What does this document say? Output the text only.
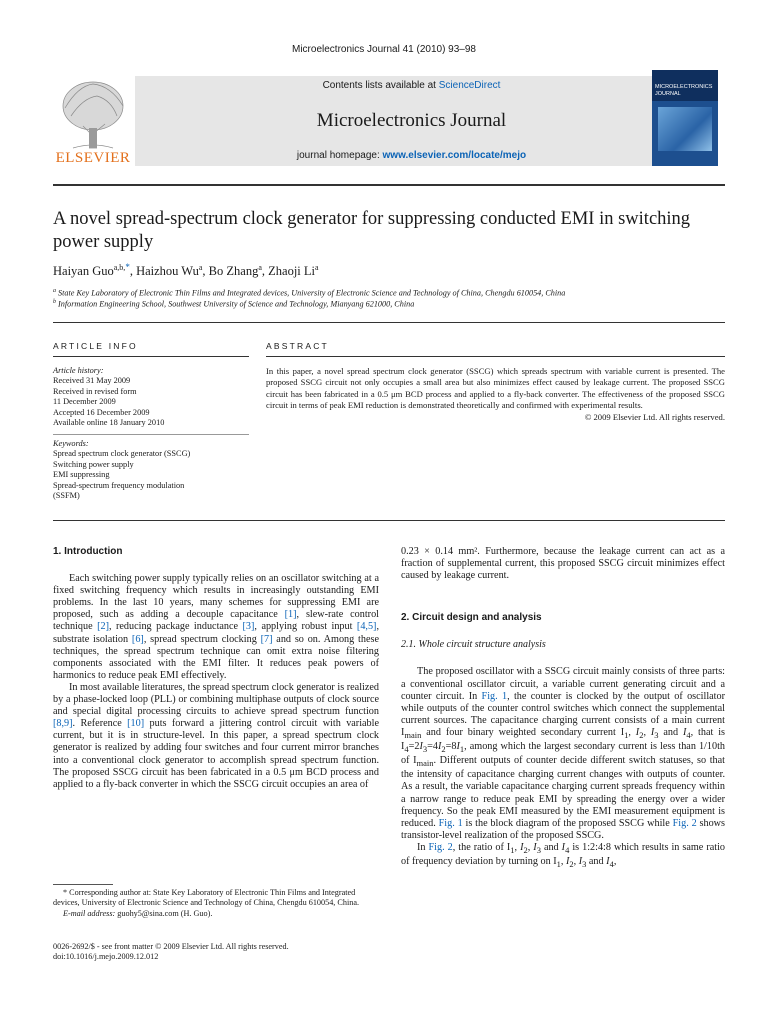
Microelectronics Journal 41 (2010) 93–98
ELSEVIER
Contents lists available at ScienceDirect
Microelectronics Journal
journal homepage: www.elsevier.com/locate/mejo
MICROELECTRONICS
JOURNAL
A novel spread-spectrum clock generator for suppressing conducted EMI in switching power supply
Haiyan Guo$^{a,b,*}$, Haizhou Wu$^a$, Bo Zhang$^a$, Zhaoji Li$^a$
$^a$ State Key Laboratory of Electronic Thin Films and Integrated devices, University of Electronic Science and Technology of China, Chengdu 610054, China
$^b$ Information Engineering School, Southwest University of Science and Technology, Mianyang 621000, China
ARTICLE INFO	ABSTRACT
Article history:
Received 31 May 2009
Received in revised form
11 December 2009
Accepted 16 December 2009
Available online 18 January 2010
Keywords:
Spread spectrum clock generator (SSCG)
Switching power supply
EMI suppressing
Spread-spectrum frequency modulation
(SSFM)
In this paper, a novel spread spectrum clock generator (SSCG) which spreads spectrum with variable current is presented. The proposed SSCG circuit not only occupies a small area but also minimizes effect caused by leakage current. The proposed SSCG circuit has been fabricated in a 0.5 μm BCD process and applied to a fly-back converter. The effectiveness of the proposed SSCG circuit in terms of peak EMI reduction is demonstrated theoretically and confirmed with experimental results.
© 2009 Elsevier Ltd. All rights reserved.
1. Introduction

Each switching power supply typically relies on an oscillator switching at a fixed switching frequency which results in increasingly outstanding EMI problems. In the last 10 years, many schemes for suppressing EMI are proposed, such as adding a decouple capacitance [1], slew-rate control technique [2], reducing package inductance [3], applying robust input [4,5], substrate isolation [6], spread spectrum clocking [7] and so on. Among these techniques, the spread spectrum technique can omit extra noise filtering components associated with the EMI filter. It reduces peak powers of harmonics to reduce peak EMI effectively.

In most available literatures, the spread spectrum clock generator is realized by a phase-locked loop (PLL) or combining multiphase outputs of clock source and special digital processing circuits to achieve spread spectrum function [8,9]. Reference [10] puts forward a jittering control circuit with variable current, but it is in structure-level. In this paper, a spread spectrum clock generator is realized by adding four switches and four current mirror branches into a conventional clock generator to accomplish spread spectrum function. The proposed SSCG circuit has been fabricated in a 0.5 μm BCD process and applied to a fly-back converter in which the SSCG circuit occupies an area of

* Corresponding author at: State Key Laboratory of Electronic Thin Films and Integrated devices, University of Electronic Science and Technology of China, Chengdu 610054, China.
E-mail address: guohy5@sina.com (H. Guo).
0026-2692/$ - see front matter © 2009 Elsevier Ltd. All rights reserved.
doi:10.1016/j.mejo.2009.12.012

0.23 × 0.14 mm². Furthermore, because the leakage current can act as a fraction of supplemental current, this proposed SSCG circuit minimizes effect caused by leakage current.

2. Circuit design and analysis
2.1. Whole circuit structure analysis

The proposed oscillator with a SSCG circuit mainly consists of three parts: a conventional oscillator circuit, a variable current generating circuit and a counter circuit. In Fig. 1, the counter is clocked by the output of oscillator while outputs of the counter control switches which connect the supplemental current sources. The capacitance charging current consists of a main current $I_{main}$ and four binary weighted secondary current $I_1$, $I_2$, $I_3$ and $I_4$, that is $I_4=2I_3=4I_2=8I_1$, among which the largest secondary current is less than 1/10th of $I_{main}$. Different outputs of counter decide different switch statuses, so that the intensity of capacitance charging current changes with outputs of counter. As a result, the variable capacitance charging current spreads frequency within a narrow range to reduce peak EMI by spreading the energy over a wider frequency. So the peak EMI measured by the EMI measurement equipment is reduced. Fig. 1 is the block diagram of the proposed SSCG while Fig. 2 shows transistor-level realization of the proposed SSCG.

In Fig. 2, the ratio of $I_1$, $I_2$, $I_3$ and $I_4$ is 1:2:4:8 which results in same ratio of frequency deviation by turning on $I_1$, $I_2$, $I_3$ and $I_4$,
